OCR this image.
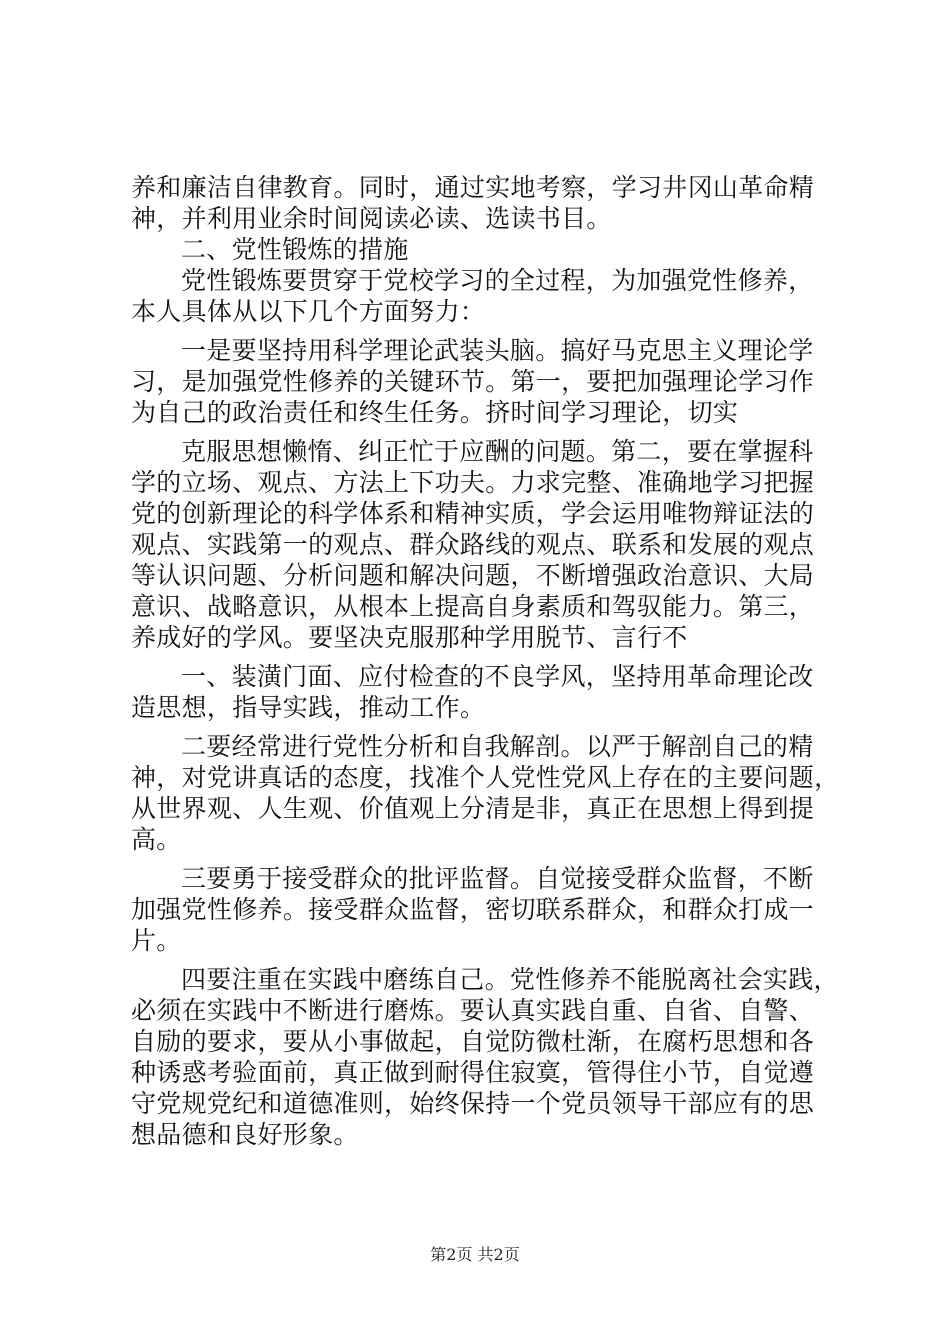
养和廉洁自律教育。同时，通过实地考察，学习井冈山革命精
神，并利用业余时间阅读必读、选读书目。
二、党性锻炼的措施
党性锻炼要贯穿于党校学习的全过程，为加强党性修养，
本人具体从以下几个方面努力：
一是要坚持用科学理论武装头脑。搞好马克思主义理论学
习，是加强党性修养的关键环节。第一，要把加强理论学习作
为自己的政治责任和终生任务。挤时间学习理论，切实
克服思想懒惰、纠正忙于应酬的问题。第二，要在掌握科
学的立场、观点、方法上下功夫。力求完整、准确地学习把握
党的创新理论的科学体系和精神实质，学会运用唯物辩证法的
观点、实践第一的观点、群众路线的观点、联系和发展的观点
等认识问题、分析问题和解决问题，不断增强政治意识、大局
意识、战略意识，从根本上提高自身素质和驾驭能力。第三，
养成好的学风。要坚决克服那种学用脱节、言行不
一、装潢门面、应付检查的不良学风，坚持用革命理论改
造思想，指导实践，推动工作。
二要经常进行党性分析和自我解剖。以严于解剖自己的精
神，对党讲真话的态度，找准个人党性党风上存在的主要问题，
从世界观、人生观、价值观上分清是非，真正在思想上得到提
高。
三要勇于接受群众的批评监督。自觉接受群众监督，不断
加强党性修养。接受群众监督，密切联系群众，和群众打成一
片。
四要注重在实践中磨练自己。党性修养不能脱离社会实践，
必须在实践中不断进行磨炼。要认真实践自重、自省、自警、
自励的要求，要从小事做起，自觉防微杜渐，在腐朽思想和各
种诱惑考验面前，真正做到耐得住寂寞，管得住小节，自觉遵
守党规党纪和道德准则，始终保持一个党员领导干部应有的思
想品德和良好形象。
第2页 共2页
